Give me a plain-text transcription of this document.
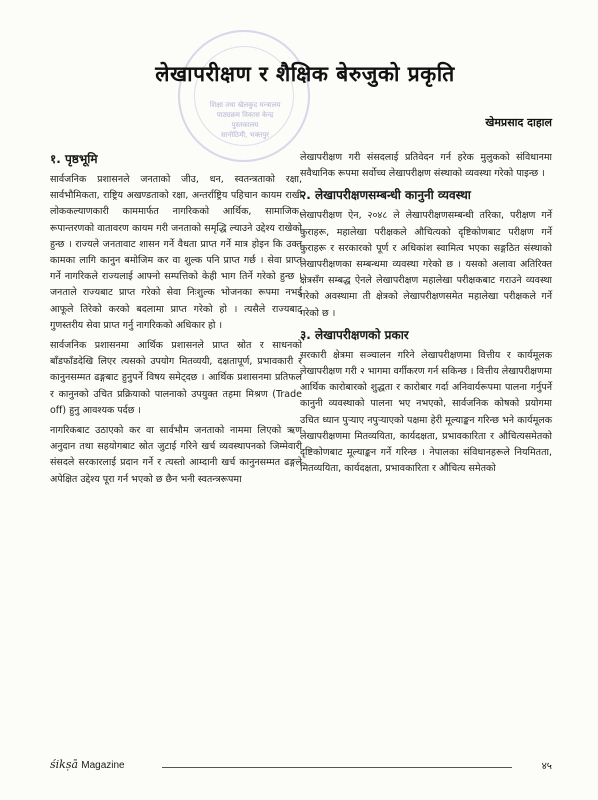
शिक्षा तथा खेलकुद मन्त्रालय
पाठ्यक्रम विकास केन्द्र
पुस्तकालय
सानोठिमी, भक्तपुर
लेखापरीक्षण र शैक्षिक बेरुजुको प्रकृति
खेमप्रसाद दाहाल
१. पृष्ठभूमि

सार्वजनिक प्रशासनले जनताको जीउ, धन, स्वतन्त्रताको रक्षा, सार्वभौमिकता, राष्ट्रिय अखण्डताको रक्षा, अन्तर्राष्ट्रिय पहिचान कायम राखी लोककल्याणकारी काममार्फत नागरिकको आर्थिक, सामाजिक, रूपान्तरणको वातावरण कायम गरी जनताको समृद्धि ल्याउने उद्देश्य राखेको हुन्छ । राज्यले जनतावाट शासन गर्ने वैधता प्राप्त गर्ने मात्र होइन कि उक्त कामका लागि कानुन बमोजिम कर वा शुल्क पनि प्राप्त गर्छ । सेवा प्राप्त गर्ने नागरिकले राज्यलाई आफ्नो सम्पत्तिको केही भाग तिर्ने गरेको हुन्छ । जनताले राज्यबाट प्राप्त गरेको सेवा निःशुल्क भोजनका रूपमा नभई आफूले तिरेको करको बदलामा प्राप्त गरेको हो । त्यसैले राज्यबाट गुणस्तरीय सेवा प्राप्त गर्नु नागरिकको अधिकार हो ।

सार्वजनिक प्रशासनमा आर्थिक प्रशासनले प्राप्त स्रोत र साधनको बाँडफाँडदेखि लिएर त्यसको उपयोग मितव्ययी, दक्षतापूर्ण, प्रभावकारी र कानुनसम्मत ढङ्गबाट हुनुपर्ने विषय समेट्दछ । आर्थिक प्रशासनमा प्रतिफल र कानुनको उचित प्रक्रियाको पालनाको उपयुक्त तहमा मिश्रण (Trade off) हुनु आवश्यक पर्दछ ।

नागरिकबाट उठाएको कर वा सार्वभौम जनताको नाममा लिएको ऋण अनुदान तथा सहयोगबाट स्रोत जुटाई गरिने खर्च व्यवस्थापनको जिम्मेवारी संसदले सरकारलाई प्रदान गर्ने र त्यस्तो आम्दानी खर्च कानुनसम्मत ढङ्गले अपेक्षित उद्देश्य पूरा गर्न भएको छ छैन भनी स्वतन्त्ररूपमा

लेखापरीक्षण गरी संसदलाई प्रतिवेदन गर्न हरेक मुलुकको संविधानमा सवैधानिक रूपमा सर्वोच्च लेखापरीक्षण संस्थाको व्यवस्था गरेको पाइन्छ ।

२. लेखापरीक्षणसम्बन्धी कानुनी व्यवस्था

लेखापरीक्षण ऐन, २०४८ ले लेखापरीक्षणसम्बन्धी तरिका, परीक्षण गर्ने कुराहरू, महालेखा परीक्षकले औचित्यको दृष्टिकोणबाट परीक्षण गर्ने कुराहरू र सरकारको पूर्ण र अधिकांश स्वामित्व भएका सङ्गठित संस्थाको लेखापरीक्षणका सम्बन्धमा व्यवस्था गरेको छ । यसको अलावा अतिरिक्त क्षेत्रसँग सम्बद्ध ऐनले लेखापरीक्षण महालेखा परीक्षकबाट गराउने व्यवस्था गरेको अवस्थामा ती क्षेत्रको लेखापरीक्षणसमेत महालेखा परीक्षकले गर्ने गरेको छ ।

३. लेखापरीक्षणको प्रकार

सरकारी क्षेत्रमा सञ्चालन गरिने लेखापरीक्षणमा वित्तीय र कार्यमूलक लेखापरीक्षण गरी २ भागमा वर्गीकरण गर्न सकिन्छ । वित्तीय लेखापरीक्षणमा आर्थिक कारोबारको शुद्धता र कारोबार गर्दा अनिवार्यरूपमा पालना गर्नुपर्ने कानुनी व्यवस्थाको पालना भए नभएको, सार्वजनिक कोषको प्रयोगमा उचित ध्यान पुऱ्याए नपुऱ्याएको पक्षमा हेरी मूल्याङ्कन गरिन्छ भने कार्यमूलक लेखापरीक्षणमा मितव्ययिता, कार्यदक्षता, प्रभावकारिता र औचित्यसमेतको दृष्टिकोणबाट मूल्याङ्कन गर्ने गरिन्छ । नेपालका संविधानहरूले नियमितता, मितव्ययिता, कार्यदक्षता, प्रभावकारिता र औचित्य समेतको

śikṣā Magazine	४५
